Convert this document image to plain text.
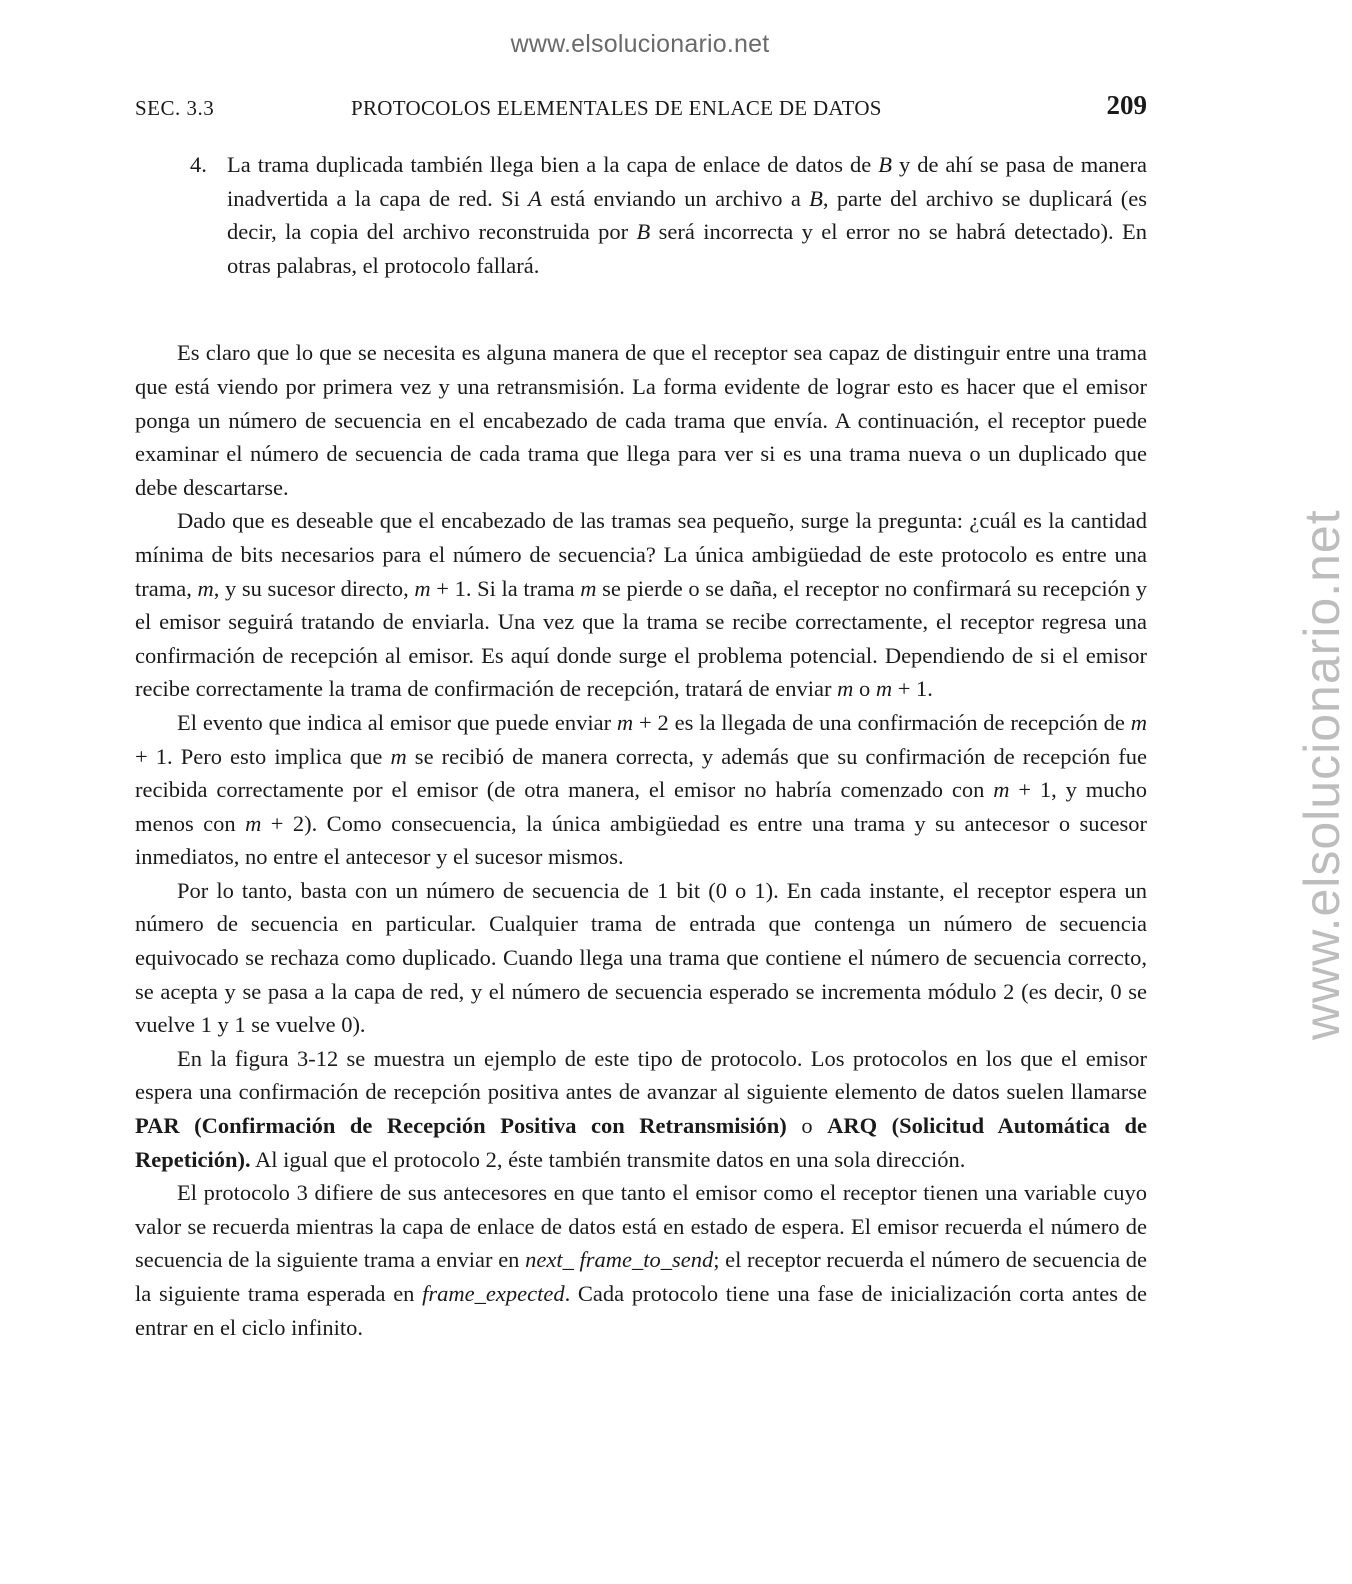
www.elsolucionario.net
www.elsolucionario.net
SEC. 3.3	PROTOCOLOS ELEMENTALES DE ENLACE DE DATOS	209

4. La trama duplicada también llega bien a la capa de enlace de datos de B y de ahí se pasa de manera inadvertida a la capa de red. Si A está enviando un archivo a B, parte del archivo se duplicará (es decir, la copia del archivo reconstruida por B será incorrecta y el error no se habrá detectado). En otras palabras, el protocolo fallará.

Es claro que lo que se necesita es alguna manera de que el receptor sea capaz de distinguir entre una trama que está viendo por primera vez y una retransmisión. La forma evidente de lograr esto es hacer que el emisor ponga un número de secuencia en el encabezado de cada trama que envía. A continuación, el receptor puede examinar el número de secuencia de cada trama que llega para ver si es una trama nueva o un duplicado que debe descartarse.

Dado que es deseable que el encabezado de las tramas sea pequeño, surge la pregunta: ¿cuál es la cantidad mínima de bits necesarios para el número de secuencia? La única ambigüedad de este protocolo es entre una trama, m, y su sucesor directo, m + 1. Si la trama m se pierde o se daña, el receptor no confirmará su recepción y el emisor seguirá tratando de enviarla. Una vez que la trama se recibe correctamente, el receptor regresa una confirmación de recepción al emisor. Es aquí donde surge el problema potencial. Dependiendo de si el emisor recibe correctamente la trama de confirmación de recepción, tratará de enviar m o m + 1.

El evento que indica al emisor que puede enviar m + 2 es la llegada de una confirmación de recepción de m + 1. Pero esto implica que m se recibió de manera correcta, y además que su confirmación de recepción fue recibida correctamente por el emisor (de otra manera, el emisor no habría comenzado con m + 1, y mucho menos con m + 2). Como consecuencia, la única ambigüedad es entre una trama y su antecesor o sucesor inmediatos, no entre el antecesor y el sucesor mismos.

Por lo tanto, basta con un número de secuencia de 1 bit (0 o 1). En cada instante, el receptor espera un número de secuencia en particular. Cualquier trama de entrada que contenga un número de secuencia equivocado se rechaza como duplicado. Cuando llega una trama que contiene el número de secuencia correcto, se acepta y se pasa a la capa de red, y el número de secuencia esperado se incrementa módulo 2 (es decir, 0 se vuelve 1 y 1 se vuelve 0).

En la figura 3-12 se muestra un ejemplo de este tipo de protocolo. Los protocolos en los que el emisor espera una confirmación de recepción positiva antes de avanzar al siguiente elemento de datos suelen llamarse PAR (Confirmación de Recepción Positiva con Retransmisión) o ARQ (Solicitud Automática de Repetición). Al igual que el protocolo 2, éste también transmite datos en una sola dirección.

El protocolo 3 difiere de sus antecesores en que tanto el emisor como el receptor tienen una variable cuyo valor se recuerda mientras la capa de enlace de datos está en estado de espera. El emisor recuerda el número de secuencia de la siguiente trama a enviar en next_ frame_to_send; el receptor recuerda el número de secuencia de la siguiente trama esperada en frame_expected. Cada protocolo tiene una fase de inicialización corta antes de entrar en el ciclo infinito.
